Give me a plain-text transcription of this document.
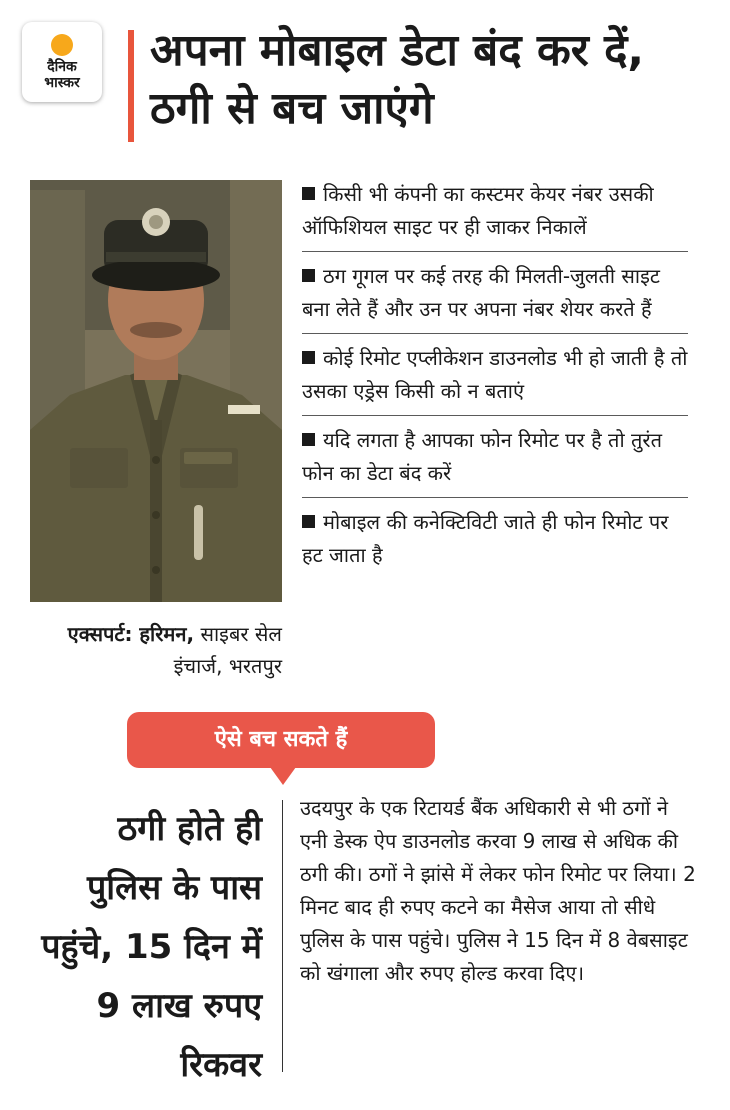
दैनिक
भास्कर
अपना मोबाइल डेटा बंद कर दें, ठगी से बच जाएंगे
एक्सपर्ट: हरिमन, साइबर सेल इंचार्ज, भरतपुर
किसी भी कंपनी का कस्टमर केयर नंबर उसकी ऑफिशियल साइट पर ही जाकर निकालें
ठग गूगल पर कई तरह की मिलती-जुलती साइट बना लेते हैं और उन पर अपना नंबर शेयर करते हैं
कोई रिमोट एप्लीकेशन डाउनलोड भी हो जाती है तो उसका एड्रेस किसी को न बताएं
यदि लगता है आपका फोन रिमोट पर है तो तुरंत फोन का डेटा बंद करें
मोबाइल की कनेक्टिविटी जाते ही फोन रिमोट पर हट जाता है
ऐसे बच सकते हैं
ठगी होते ही पुलिस के पास पहुंचे, 15 दिन में 9 लाख रुपए रिकवर

उदयपुर के एक रिटायर्ड बैंक अधिकारी से भी ठगों ने एनी डेस्क ऐप डाउनलोड करवा 9 लाख से अधिक की ठगी की। ठगों ने झांसे में लेकर फोन रिमोट पर लिया। 2 मिनट बाद ही रुपए कटने का मैसेज आया तो सीधे पुलिस के पास पहुंचे। पुलिस ने 15 दिन में 8 वेबसाइट को खंगाला और रुपए होल्ड करवा दिए।
